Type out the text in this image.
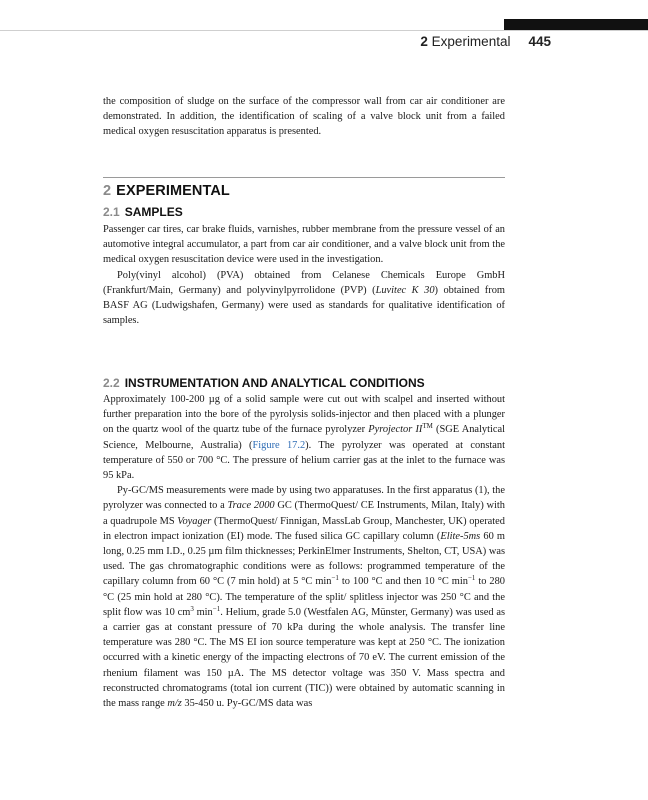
2 Experimental 445

the composition of sludge on the surface of the compressor wall from car air conditioner are demonstrated. In addition, the identification of scaling of a valve block unit from a failed medical oxygen resuscitation apparatus is presented.

2 EXPERIMENTAL
2.1 SAMPLES

Passenger car tires, car brake fluids, varnishes, rubber membrane from the pressure vessel of an automotive integral accumulator, a part from car air conditioner, and a valve block unit from the medical oxygen resuscitation device were used in the investigation.

Poly(vinyl alcohol) (PVA) obtained from Celanese Chemicals Europe GmbH (Frankfurt/Main, Germany) and polyvinylpyrrolidone (PVP) (Luvitec K 30) obtained from BASF AG (Ludwigshafen, Germany) were used as standards for qualitative identification of samples.

2.2 INSTRUMENTATION AND ANALYTICAL CONDITIONS

Approximately 100-200 µg of a solid sample were cut out with scalpel and inserted without further preparation into the bore of the pyrolysis solids-injector and then placed with a plunger on the quartz wool of the quartz tube of the furnace pyrolyzer Pyrojector II™ (SGE Analytical Science, Melbourne, Australia) (Figure 17.2). The pyrolyzer was operated at constant temperature of 550 or 700 °C. The pressure of helium carrier gas at the inlet to the furnace was 95 kPa.

Py-GC/MS measurements were made by using two apparatuses. In the first apparatus (1), the pyrolyzer was connected to a Trace 2000 GC (ThermoQuest/ CE Instruments, Milan, Italy) with a quadrupole MS Voyager (ThermoQuest/ Finnigan, MassLab Group, Manchester, UK) operated in electron impact ionization (EI) mode. The fused silica GC capillary column (Elite-5ms 60 m long, 0.25 mm I.D., 0.25 µm film thicknesses; PerkinElmer Instruments, Shelton, CT, USA) was used. The gas chromatographic conditions were as follows: programmed temperature of the capillary column from 60 °C (7 min hold) at 5 °C $\min^{-1}$ to 100 °C and then 10 °C $\min^{-1}$ to 280 °C (25 min hold at 280 °C). The temperature of the split/ splitless injector was 250 °C and the split flow was 10 $cm^3$ $\min^{-1}$. Helium, grade 5.0 (Westfalen AG, Münster, Germany) was used as a carrier gas at constant pressure of 70 kPa during the whole analysis. The transfer line temperature was 280 °C. The MS EI ion source temperature was kept at 250 °C. The ionization occurred with a kinetic energy of the impacting electrons of 70 eV. The current emission of the rhenium filament was 150 µA. The MS detector voltage was 350 V. Mass spectra and reconstructed chromatograms (total ion current (TIC)) were obtained by automatic scanning in the mass range m/z 35-450 u. Py-GC/MS data was
